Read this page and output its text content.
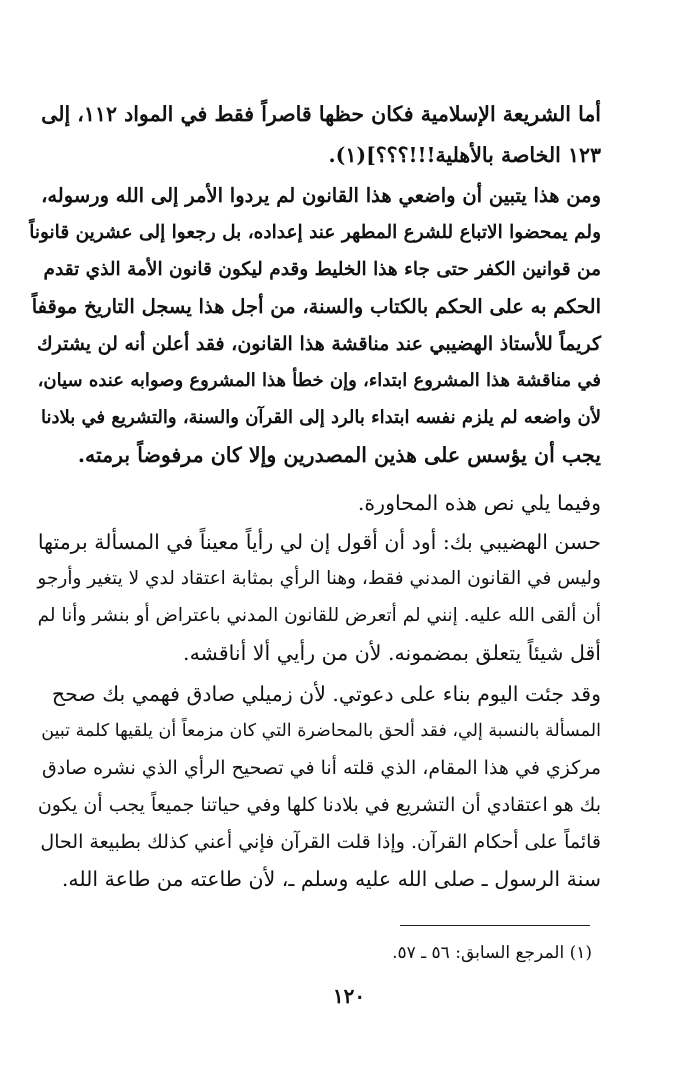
أما الشريعة الإسلامية فكان حظها قاصراً فقط في المواد ١١٢، إلى
١٢٣ الخاصة بالأهلية!!!؟؟؟](١).
ومن هذا يتبين أن واضعي هذا القانون لم يردوا الأمر إلى الله ورسوله،
ولم يمحضوا الاتباع للشرع المطهر عند إعداده، بل رجعوا إلى عشرين قانوناً
من قوانين الكفر حتى جاء هذا الخليط وقدم ليكون قانون الأمة الذي تقدم
الحكم به على الحكم بالكتاب والسنة، من أجل هذا يسجل التاريخ موقفاً
كريماً للأستاذ الهضيبي عند مناقشة هذا القانون، فقد أعلن أنه لن يشترك
في مناقشة هذا المشروع ابتداء، وإن خطأ هذا المشروع وصوابه عنده سيان،
لأن واضعه لم يلزم نفسه ابتداء بالرد إلى القرآن والسنة، والتشريع في بلادنا
يجب أن يؤسس على هذين المصدرين وإلا كان مرفوضاً برمته.
وفيما يلي نص هذه المحاورة.
حسن الهضيبي بك: أود أن أقول إن لي رأياً معيناً في المسألة برمتها
وليس في القانون المدني فقط، وهنا الرأي بمثابة اعتقاد لدي لا يتغير وأرجو
أن ألقى الله عليه. إنني لم أتعرض للقانون المدني باعتراض أو بنشر وأنا لم
أقل شيئاً يتعلق بمضمونه. لأن من رأيي ألا أناقشه.
وقد جئت اليوم بناء على دعوتي. لأن زميلي صادق فهمي بك صحح
المسألة بالنسبة إلي، فقد ألحق بالمحاضرة التي كان مزمعاً أن يلقيها كلمة تبين
مركزي في هذا المقام، الذي قلته أنا في تصحيح الرأي الذي نشره صادق
بك هو اعتقادي أن التشريع في بلادنا كلها وفي حياتنا جميعاً يجب أن يكون
قائماً على أحكام القرآن. وإذا قلت القرآن فإني أعني كذلك بطبيعة الحال
سنة الرسول ـ صلى الله عليه وسلم ـ، لأن طاعته من طاعة الله.
(١) المرجع السابق: ٥٦ ـ ٥٧.
١٢٠
